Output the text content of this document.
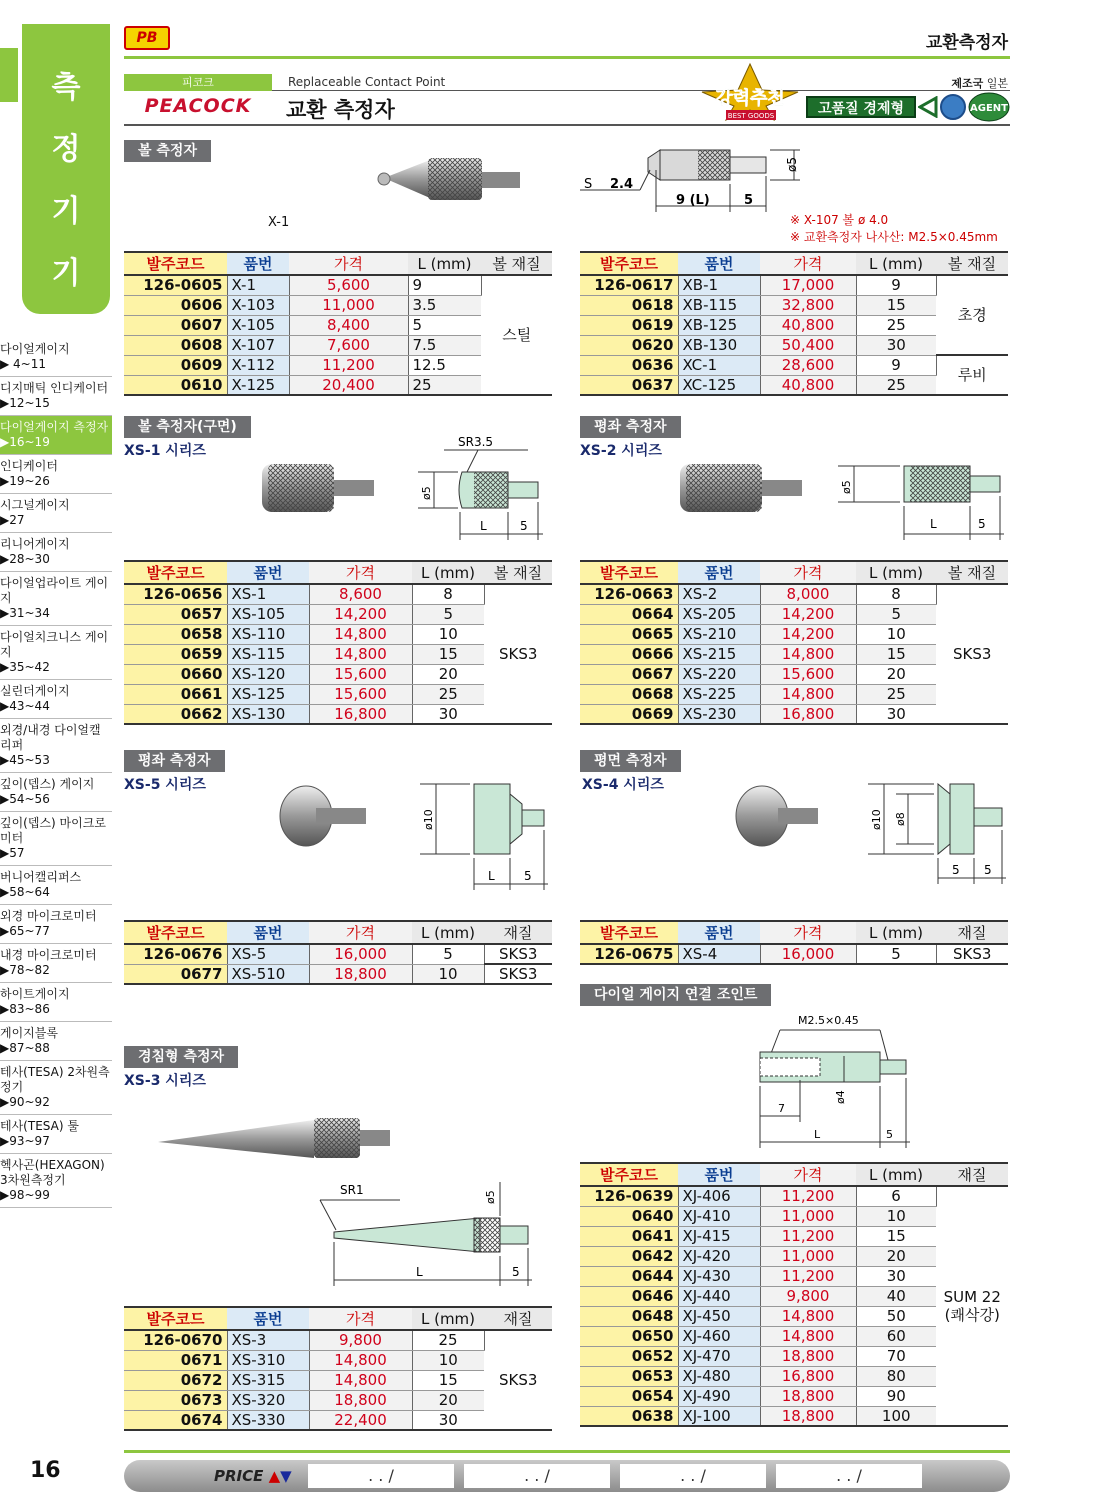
측
정
기
기
다이얼게이지
▶ 4~11
디지매틱 인디케이터
▶12~15
다이얼게이지 측정자
▶16~19
인디케이터
▶19~26
시그널게이지
▶27
리니어게이지
▶28~30
다이얼업라이트 게이지
▶31~34
다이얼치크니스 게이지
▶35~42
실린더게이지
▶43~44
외경/내경 다이얼캘리퍼
▶45~53
깊이(뎁스) 게이지
▶54~56
깊이(뎁스) 마이크로미터
▶57
버니어캘리퍼스
▶58~64
외경 마이크로미터
▶65~77
내경 마이크로미터
▶78~82
하이트게이지
▶83~86
게이지블록
▶87~88
테사(TESA) 2차원측정기
▶90~92
테사(TESA) 툴
▶93~97
헥사곤(HEXAGON) 3차원측정기
▶98~99
16
PB	교환측정자
피코크
PEACOCK
Replaceable Contact Point
교환 측정자
제조국 일본
강력추천
BEST GOODS	고품질 경제형	AGENT
볼 측정자
X-1
S 2.4
9 (L)	5
ø5
※ X-107 볼 ø 4.0
※ 교환측정자 나사산: M2.5×0.45mm
발주코드	품번	가격	L (mm)	볼 재질
126-0605	X-1	5,600	9	스틸

0606	X-103	11,000	3.5	
0607	X-105	8,400	5	
0608	X-107	7,600	7.5	
0609	X-112	11,200	12.5	
0610	X-125	20,400	25	
발주코드	품번	가격	L (mm)	볼 재질
126-0617	XB-1	17,000	9	초경

0618	XB-115	32,800	15	
0619	XB-125	40,800	25	
0620	XB-130	50,400	30	
0636	XC-1	28,600	9	루비

0637	XC-125	40,800	25	
볼 측정자(구면)
XS-1 시리즈
SR3.5
ø5
L	5
발주코드	품번	가격	L (mm)	볼 재질
126-0656	XS-1	8,600	8	SKS3

0657	XS-105	14,200	5	
0658	XS-110	14,800	10	
0659	XS-115	14,800	15	
0660	XS-120	15,600	20	
0661	XS-125	15,600	25	
0662	XS-130	16,800	30	
평좌 측정자
XS-2 시리즈
ø5
L	5
발주코드	품번	가격	L (mm)	볼 재질
126-0663	XS-2	8,000	8	SKS3

0664	XS-205	14,200	5	
0665	XS-210	14,200	10	
0666	XS-215	14,800	15	
0667	XS-220	15,600	20	
0668	XS-225	14,800	25	
0669	XS-230	16,800	30	
평좌 측정자
XS-5 시리즈
ø10
L 5
발주코드	품번	가격	L (mm)	재질
126-0676	XS-5	16,000	5	SKS3
0677	XS-510	18,800	10	SKS3
평면 측정자
XS-4 시리즈
ø10 ø8
5 5
발주코드	품번	가격	L (mm)	재질
126-0675	XS-4	16,000	5	SKS3
다이얼 게이지 연결 조인트
M2.5×0.45
7
ø4
L	5
발주코드	품번	가격	L (mm)	재질
126-0639	XJ-406	11,200	6	SUM 22
(쾌삭강)

0640	XJ-410	11,000	10	
0641	XJ-415	11,200	15	
0642	XJ-420	11,000	20	
0644	XJ-430	11,200	30	
0646	XJ-440	9,800	40	
0648	XJ-450	14,800	50	
0650	XJ-460	14,800	60	
0652	XJ-470	18,800	70	
0653	XJ-480	16,800	80	
0654	XJ-490	18,800	90	
0638	XJ-100	18,800	100	
경침형 측정자
XS-3 시리즈
SR1
ø5
L	5
발주코드	품번	가격	L (mm)	재질
126-0670	XS-3	9,800	25	SKS3

0671	XS-310	14,800	10	
0672	XS-315	14,800	15	
0673	XS-320	18,800	20	
0674	XS-330	22,400	30	
PRICE ▲▼	. . /	. . /	. . /	. . /
